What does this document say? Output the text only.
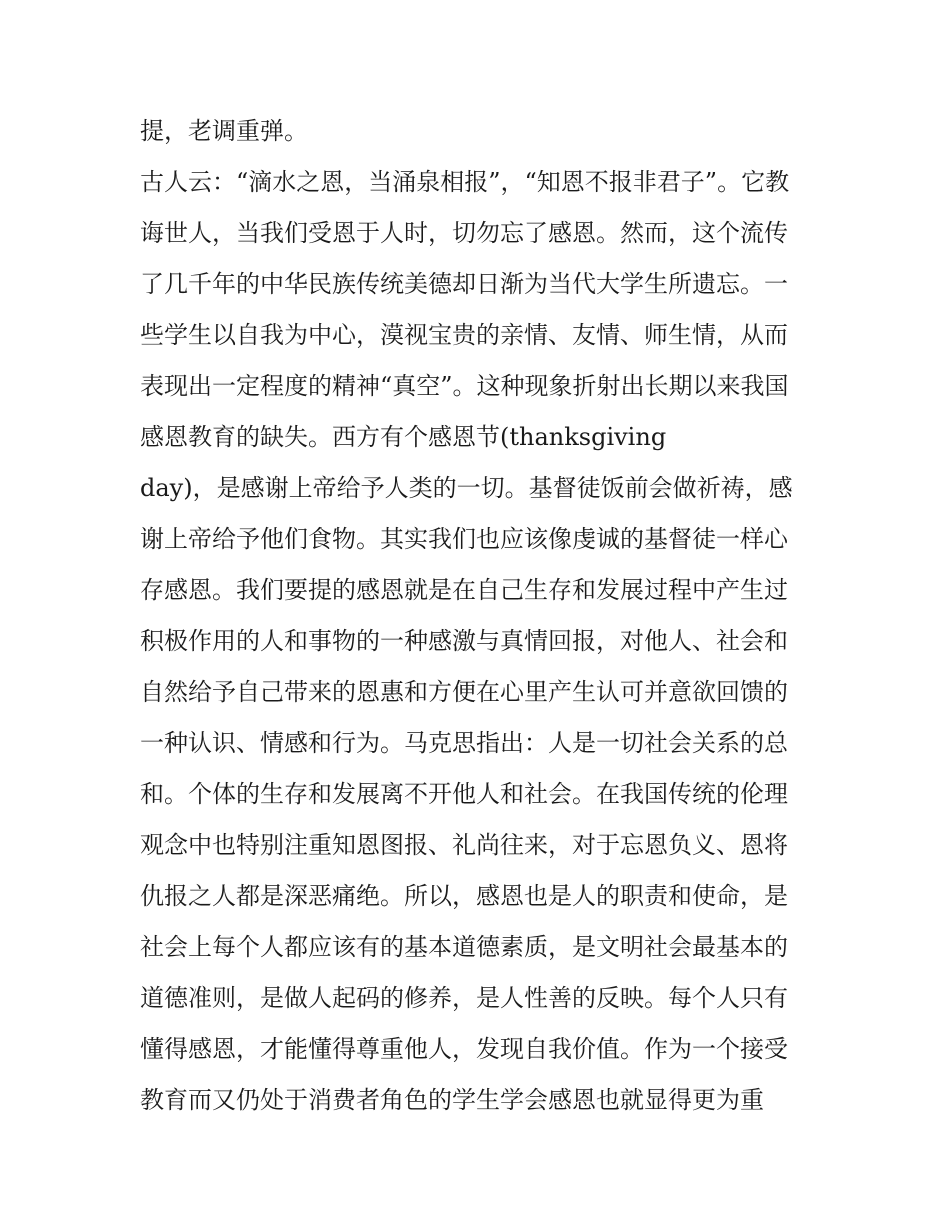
提，老调重弹。
古人云：“滴水之恩，当涌泉相报”，“知恩不报非君子”。它教
诲世人，当我们受恩于人时，切勿忘了感恩。然而，这个流传
了几千年的中华民族传统美德却日渐为当代大学生所遗忘。一
些学生以自我为中心，漠视宝贵的亲情、友情、师生情，从而
表现出一定程度的精神“真空”。这种现象折射出长期以来我国
感恩教育的缺失。西方有个感恩节(thanksgiving
day)，是感谢上帝给予人类的一切。基督徒饭前会做祈祷，感
谢上帝给予他们食物。其实我们也应该像虔诚的基督徒一样心
存感恩。我们要提的感恩就是在自己生存和发展过程中产生过
积极作用的人和事物的一种感激与真情回报，对他人、社会和
自然给予自己带来的恩惠和方便在心里产生认可并意欲回馈的
一种认识、情感和行为。马克思指出：人是一切社会关系的总
和。个体的生存和发展离不开他人和社会。在我国传统的伦理
观念中也特别注重知恩图报、礼尚往来，对于忘恩负义、恩将
仇报之人都是深恶痛绝。所以，感恩也是人的职责和使命，是
社会上每个人都应该有的基本道德素质，是文明社会最基本的
道德准则，是做人起码的修养，是人性善的反映。每个人只有
懂得感恩，才能懂得尊重他人，发现自我价值。作为一个接受
教育而又仍处于消费者角色的学生学会感恩也就显得更为重
